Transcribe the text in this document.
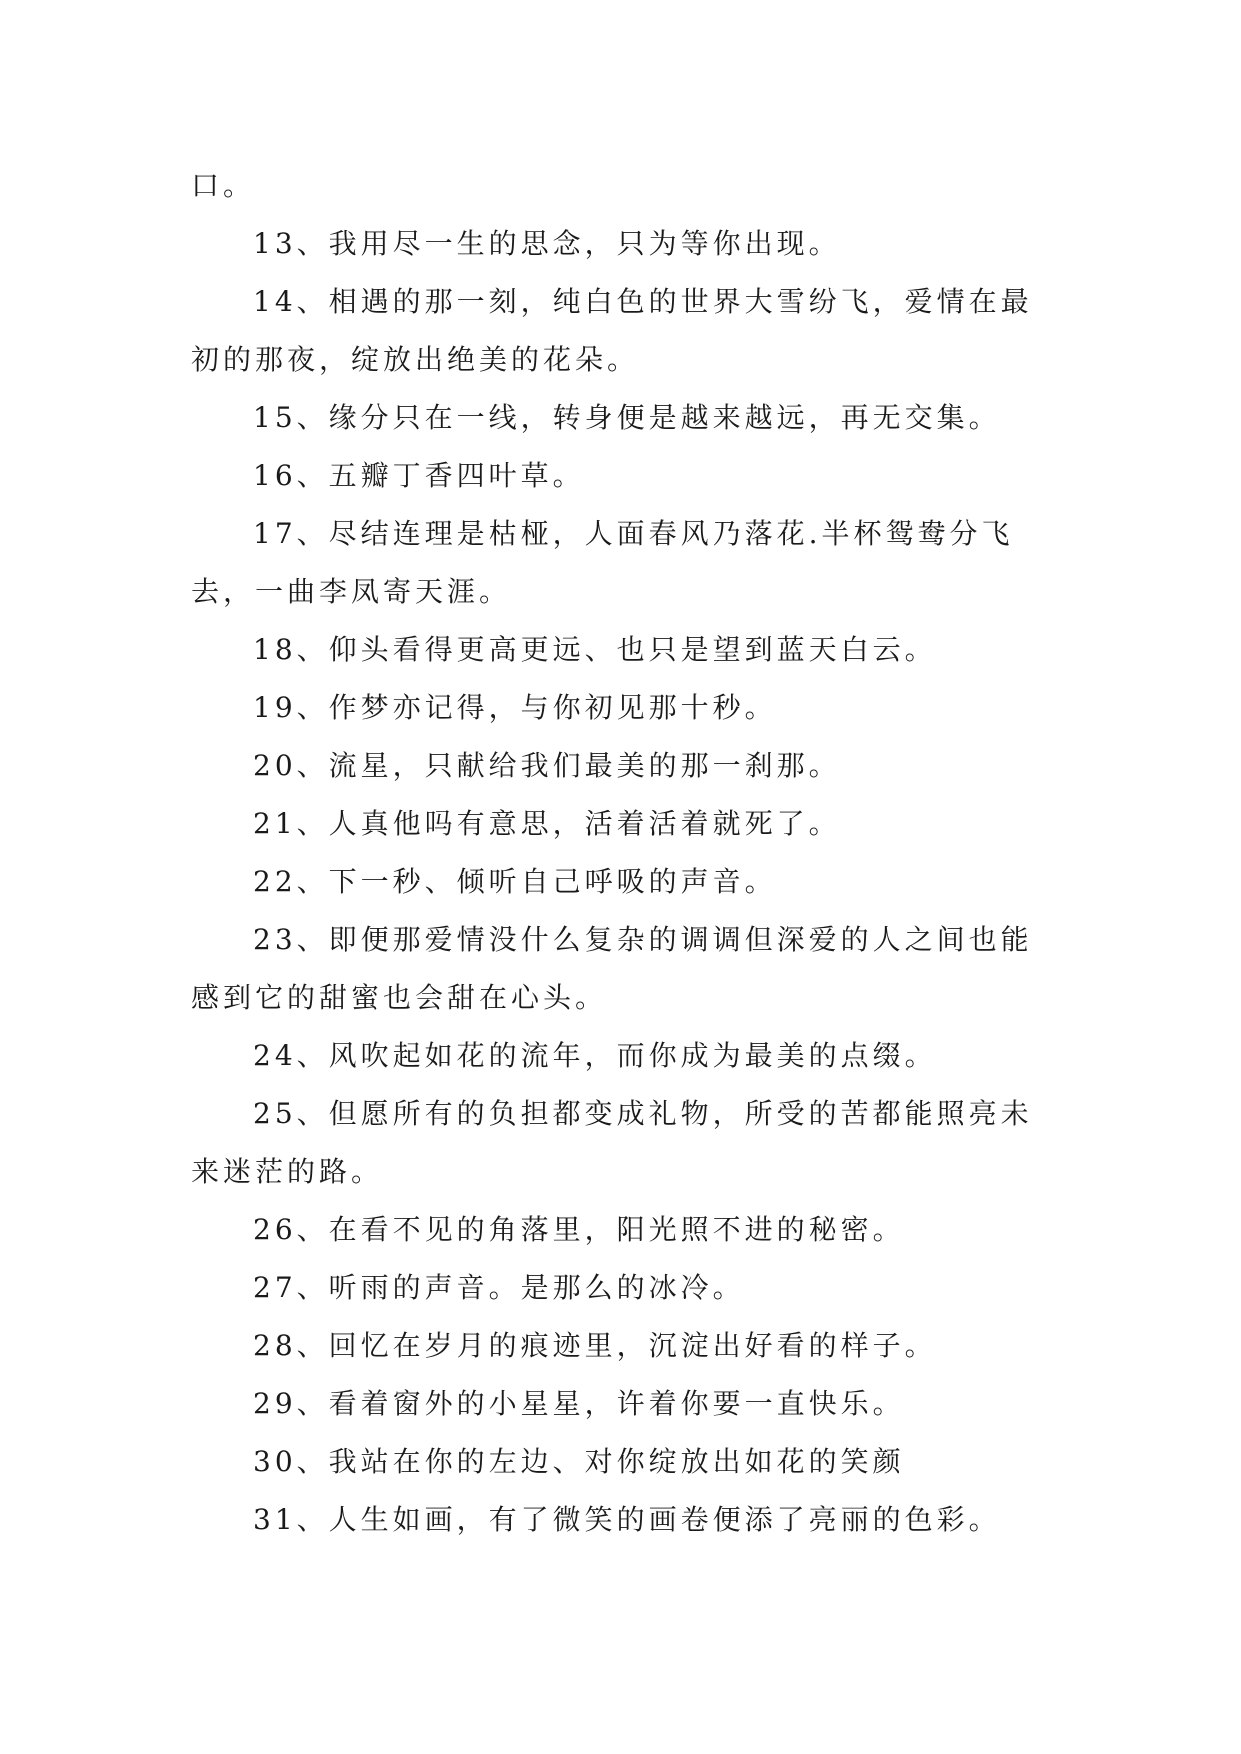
口。
13、我用尽一生的思念，只为等你出现。
14、相遇的那一刻，纯白色的世界大雪纷飞，爱情在最
初的那夜，绽放出绝美的花朵。
15、缘分只在一线，转身便是越来越远，再无交集。
16、五瓣丁香四叶草。
17、尽结连理是枯桠，人面春风乃落花.半杯鸳鸯分飞
去，一曲李凤寄天涯。
18、仰头看得更高更远、也只是望到蓝天白云。
19、作梦亦记得，与你初见那十秒。
20、流星，只献给我们最美的那一刹那。
21、人真他吗有意思，活着活着就死了。
22、下一秒、倾听自己呼吸的声音。
23、即便那爱情没什么复杂的调调但深爱的人之间也能
感到它的甜蜜也会甜在心头。
24、风吹起如花的流年，而你成为最美的点缀。
25、但愿所有的负担都变成礼物，所受的苦都能照亮未
来迷茫的路。
26、在看不见的角落里，阳光照不进的秘密。
27、听雨的声音。是那么的冰冷。
28、回忆在岁月的痕迹里，沉淀出好看的样子。
29、看着窗外的小星星，许着你要一直快乐。
30、我站在你的左边、对你绽放出如花的笑颜
31、人生如画，有了微笑的画卷便添了亮丽的色彩。
